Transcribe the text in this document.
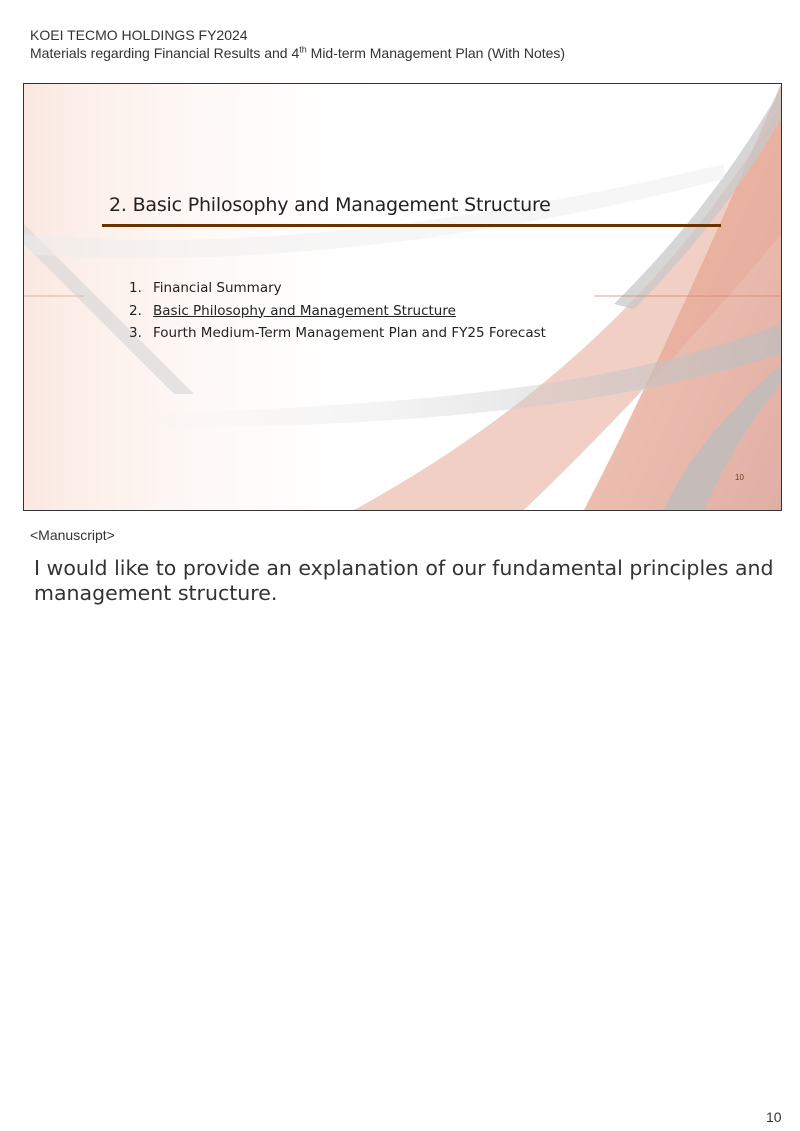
KOEI TECMO HOLDINGS FY2024
Materials regarding Financial Results and 4th Mid-term Management Plan (With Notes)
2. Basic Philosophy and Management Structure
1. Financial Summary
2. Basic Philosophy and Management Structure
3. Fourth Medium-Term Management Plan and FY25 Forecast
10
<Manuscript>
I would like to provide an explanation of our fundamental principles and management structure.
10
